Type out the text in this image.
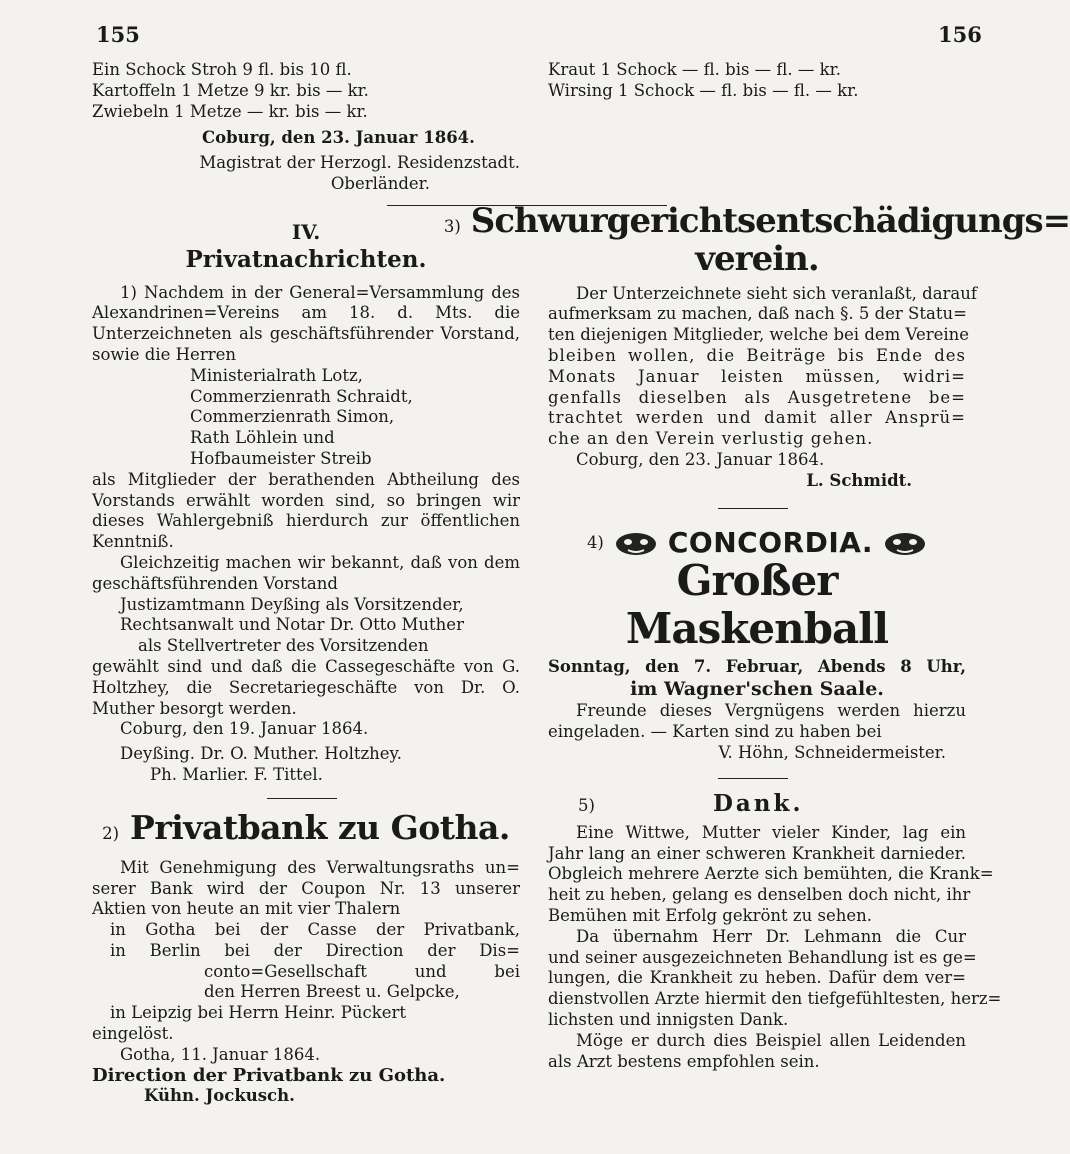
155	156
Ein Schock Stroh 9 fl. bis 10 fl.
Kartoffeln 1 Metze 9 kr. bis — kr.
Zwiebeln 1 Metze — kr. bis — kr.
Coburg, den 23. Januar 1864.
Magistrat der Herzogl. Residenzstadt.
Oberländer.
IV.
Privatnachrichten.
1) Nachdem in der General=Versammlung des
Alexandrinen=Vereins am 18. d. Mts. die
Unterzeichneten als geschäftsführender Vorstand,
sowie die Herren
Ministerialrath Lotz,
Commerzienrath Schraidt,
Commerzienrath Simon,
Rath Löhlein und
Hofbaumeister Streib
als Mitglieder der berathenden Abtheilung des
Vorstands erwählt worden sind, so bringen wir
dieses Wahlergebniß hierdurch zur öffentlichen
Kenntniß.
Gleichzeitig machen wir bekannt, daß von dem
geschäftsführenden Vorstand
Justizamtmann Deyßing als Vorsitzender,
Rechtsanwalt und Notar Dr. Otto Muther
als Stellvertreter des Vorsitzenden
gewählt sind und daß die Cassegeschäfte von G.
Holtzhey, die Secretariegeschäfte von Dr. O.
Muther besorgt werden.
Coburg, den 19. Januar 1864.
Deyßing. Dr. O. Muther. Holtzhey.
Ph. Marlier. F. Tittel.
2) Privatbank zu Gotha.
Mit Genehmigung des Verwaltungsraths un=
serer Bank wird der Coupon Nr. 13 unserer
Aktien von heute an mit vier Thalern
in Gotha bei der Casse der Privatbank,
in Berlin bei der Direction der Dis=
conto=Gesellschaft und bei
den Herren Breest u. Gelpcke,
in Leipzig bei Herrn Heinr. Pückert
eingelöst.
Gotha, 11. Januar 1864.
Direction der Privatbank zu Gotha.
Kühn. Jockusch.
Kraut 1 Schock — fl. bis — fl. — kr.
Wirsing 1 Schock — fl. bis — fl. — kr.
3) Schwurgerichtsentschädigungs=
verein.
Der Unterzeichnete sieht sich veranlaßt, darauf
aufmerksam zu machen, daß nach §. 5 der Statu=
ten diejenigen Mitglieder, welche bei dem Vereine
bleiben wollen, die Beiträge bis Ende des
Monats Januar leisten müssen, widri=
genfalls dieselben als Ausgetretene be=
trachtet werden und damit aller Ansprü=
che an den Verein verlustig gehen.
Coburg, den 23. Januar 1864.
L. Schmidt.
4) CONCORDIA.
Großer Maskenball
Sonntag, den 7. Februar, Abends 8 Uhr,
im Wagner'schen Saale.
Freunde dieses Vergnügens werden hierzu
eingeladen. — Karten sind zu haben bei
V. Höhn, Schneidermeister.
5)	Dank.
Eine Wittwe, Mutter vieler Kinder, lag ein
Jahr lang an einer schweren Krankheit darnieder.
Obgleich mehrere Aerzte sich bemühten, die Krank=
heit zu heben, gelang es denselben doch nicht, ihr
Bemühen mit Erfolg gekrönt zu sehen.
Da übernahm Herr Dr. Lehmann die Cur
und seiner ausgezeichneten Behandlung ist es ge=
lungen, die Krankheit zu heben. Dafür dem ver=
dienstvollen Arzte hiermit den tiefgefühltesten, herz=
lichsten und innigsten Dank.
Möge er durch dies Beispiel allen Leidenden
als Arzt bestens empfohlen sein.
